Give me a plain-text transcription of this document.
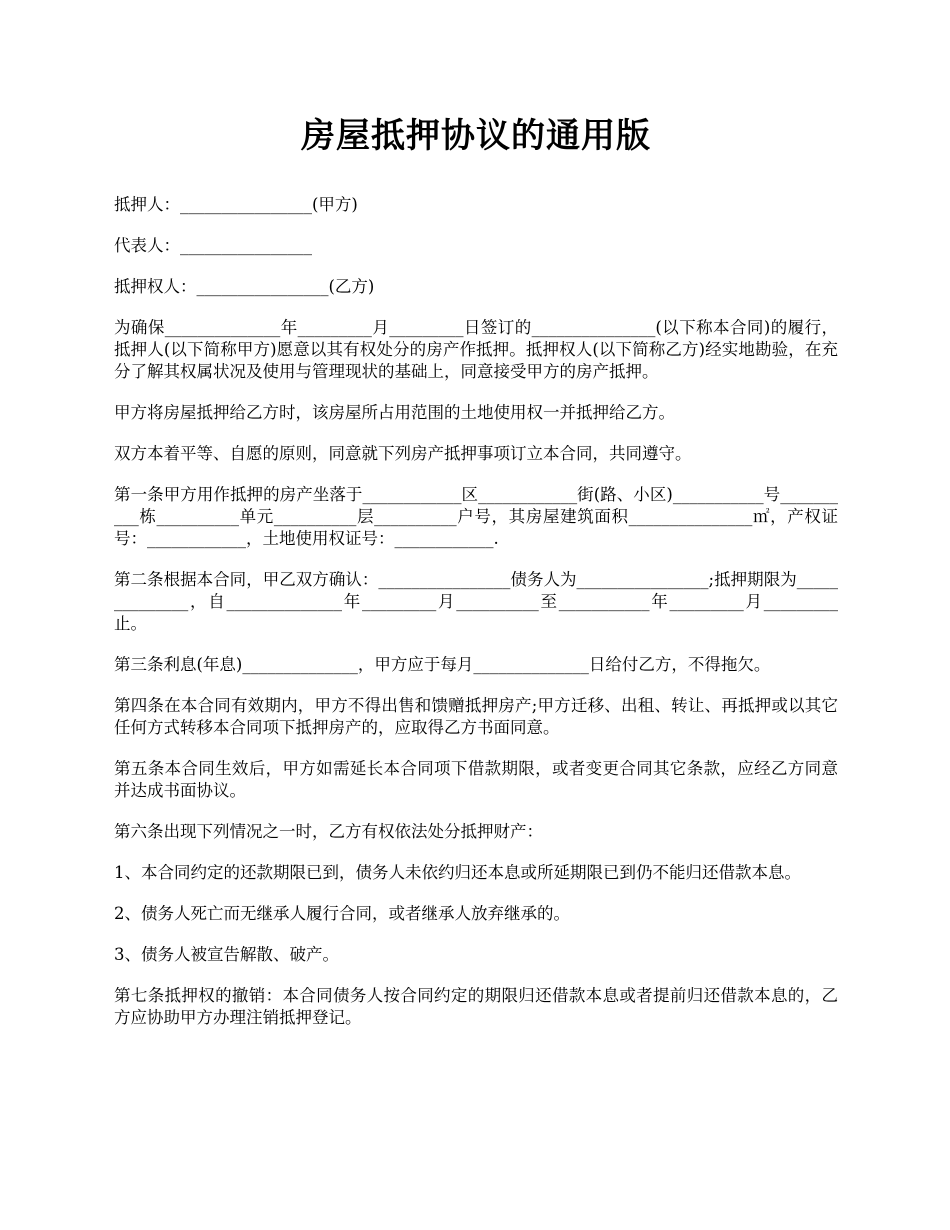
房屋抵押协议的通用版

抵押人：________________(甲方)

代表人：________________

抵押权人：________________(乙方)

为确保______________年_________月_________日签订的_______________(以下称本合同)的履行，抵押人(以下简称甲方)愿意以其有权处分的房产作抵押。抵押权人(以下简称乙方)经实地勘验，在充分了解其权属状况及使用与管理现状的基础上，同意接受甲方的房产抵押。

甲方将房屋抵押给乙方时，该房屋所占用范围的土地使用权一并抵押给乙方。

双方本着平等、自愿的原则，同意就下列房产抵押事项订立本合同，共同遵守。

第一条甲方用作抵押的房产坐落于____________区____________街(路、小区)___________号__________栋__________单元__________层__________户号，其房屋建筑面积_______________㎡，产权证号：____________，土地使用权证号：____________.

第二条根据本合同，甲乙双方确认：________________债务人为________________;抵押期限为______________，自______________年_________月__________至___________年_________月_________止。

第三条利息(年息)______________，甲方应于每月______________日给付乙方，不得拖欠。

第四条在本合同有效期内，甲方不得出售和馈赠抵押房产;甲方迁移、出租、转让、再抵押或以其它任何方式转移本合同项下抵押房产的，应取得乙方书面同意。

第五条本合同生效后，甲方如需延长本合同项下借款期限，或者变更合同其它条款，应经乙方同意并达成书面协议。

第六条出现下列情况之一时，乙方有权依法处分抵押财产：

1、本合同约定的还款期限已到，债务人未依约归还本息或所延期限已到仍不能归还借款本息。

2、债务人死亡而无继承人履行合同，或者继承人放弃继承的。

3、债务人被宣告解散、破产。

第七条抵押权的撤销：本合同债务人按合同约定的期限归还借款本息或者提前归还借款本息的，乙方应协助甲方办理注销抵押登记。
